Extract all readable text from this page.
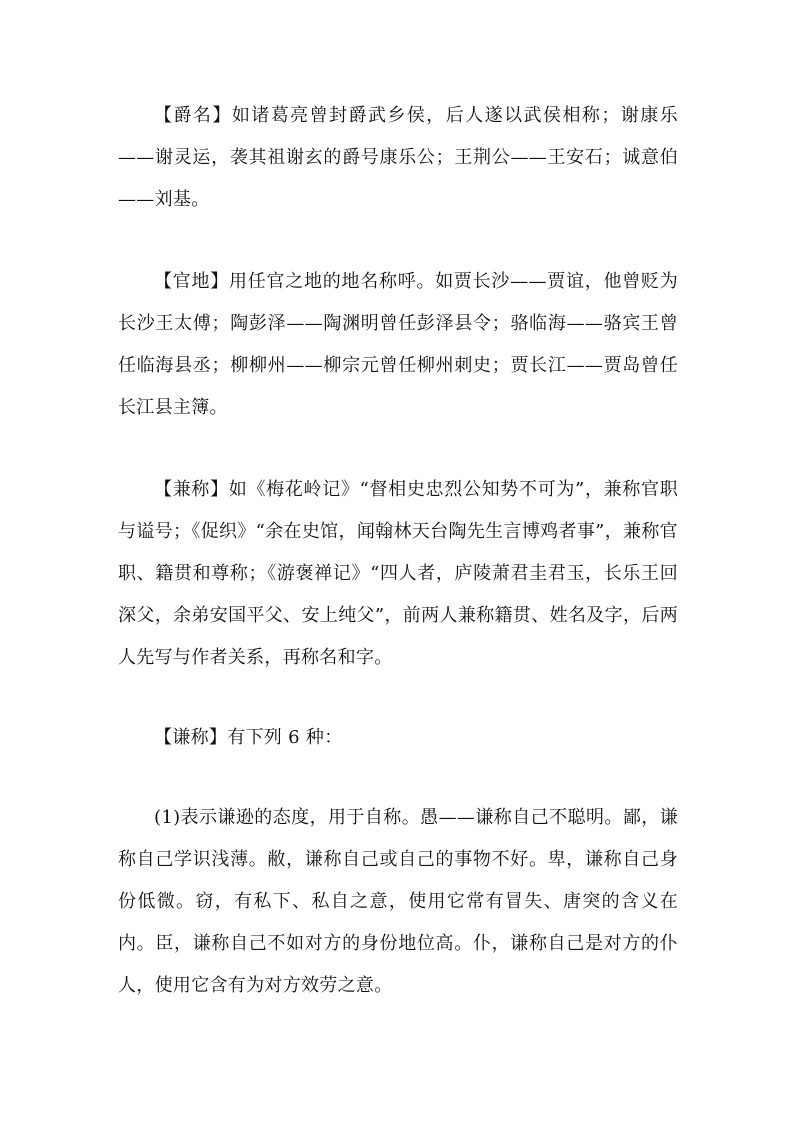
【爵名】如诸葛亮曾封爵武乡侯，后人遂以武侯相称；谢康乐——谢灵运，袭其祖谢玄的爵号康乐公；王荆公——王安石；诚意伯——刘基。

【官地】用任官之地的地名称呼。如贾长沙——贾谊，他曾贬为长沙王太傅；陶彭泽——陶渊明曾任彭泽县令；骆临海——骆宾王曾任临海县丞；柳柳州——柳宗元曾任柳州刺史；贾长江——贾岛曾任长江县主簿。

【兼称】如《梅花岭记》“督相史忠烈公知势不可为”，兼称官职与谥号；《促织》“余在史馆，闻翰林天台陶先生言博鸡者事”，兼称官职、籍贯和尊称；《游褒禅记》“四人者，庐陵萧君圭君玉，长乐王回深父，余弟安国平父、安上纯父”，前两人兼称籍贯、姓名及字，后两人先写与作者关系，再称名和字。

【谦称】有下列 6 种：

(1)表示谦逊的态度，用于自称。愚——谦称自己不聪明。鄙，谦称自己学识浅薄。敝，谦称自己或自己的事物不好。卑，谦称自己身份低微。窃，有私下、私自之意，使用它常有冒失、唐突的含义在内。臣，谦称自己不如对方的身份地位高。仆，谦称自己是对方的仆人，使用它含有为对方效劳之意。
